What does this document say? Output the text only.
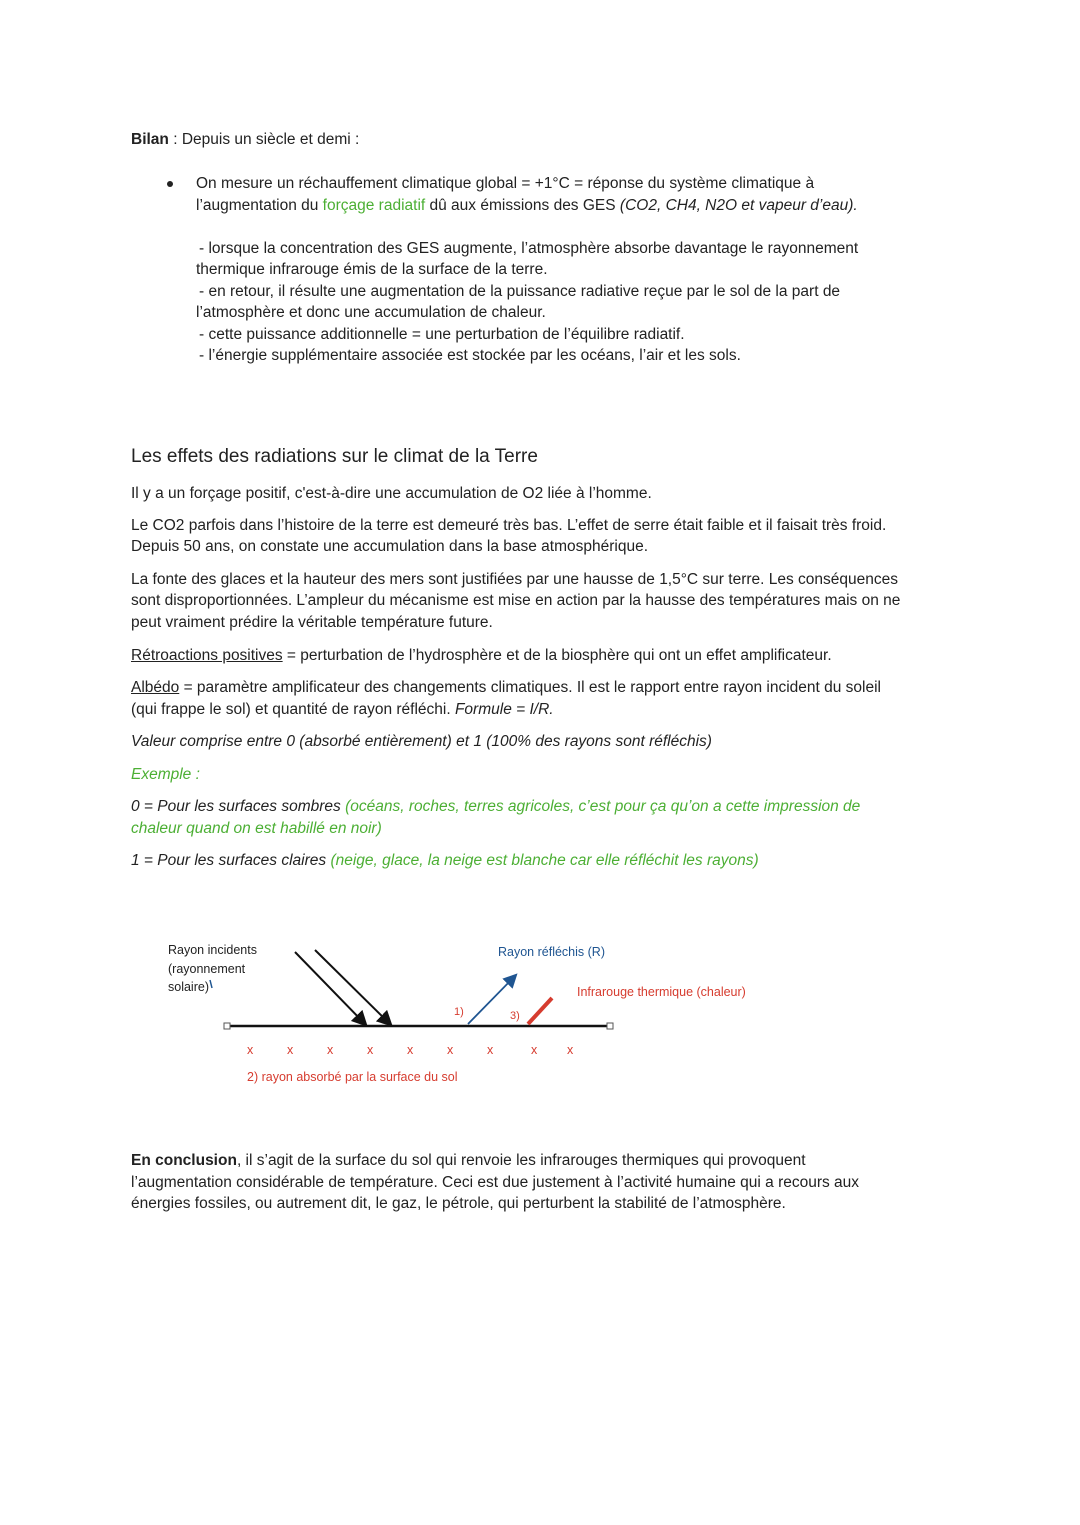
Bilan : Depuis un siècle et demi :
On mesure un réchauffement climatique global = +1°C = réponse du système climatique à
l’augmentation du forçage radiatif dû aux émissions des GES (CO2, CH4, N2O et vapeur d’eau).
- lorsque la concentration des GES augmente, l’atmosphère absorbe davantage le rayonnement
thermique infrarouge émis de la surface de la terre.
- en retour, il résulte une augmentation de la puissance radiative reçue par le sol de la part de
l’atmosphère et donc une accumulation de chaleur.
- cette puissance additionnelle = une perturbation de l’équilibre radiatif.
- l’énergie supplémentaire associée est stockée par les océans, l’air et les sols.
Les effets des radiations sur le climat de la Terre
Il y a un forçage positif, c'est-à-dire une accumulation de O2 liée à l’homme.
Le CO2 parfois dans l’histoire de la terre est demeuré très bas. L’effet de serre était faible et il faisait très froid.
Depuis 50 ans, on constate une accumulation dans la base atmosphérique.
La fonte des glaces et la hauteur des mers sont justifiées par une hausse de 1,5°C sur terre. Les conséquences
sont disproportionnées. L’ampleur du mécanisme est mise en action par la hausse des températures mais on ne
peut vraiment prédire la véritable température future.
Rétroactions positives = perturbation de l’hydrosphère et de la biosphère qui ont un effet amplificateur.
Albédo = paramètre amplificateur des changements climatiques. Il est le rapport entre rayon incident du soleil
(qui frappe le sol) et quantité de rayon réfléchi. Formule = I/R.
Valeur comprise entre 0 (absorbé entièrement) et 1 (100% des rayons sont réfléchis)
Exemple :
0 = Pour les surfaces sombres (océans, roches, terres agricoles, c’est pour ça qu’on a cette impression de
chaleur quand on est habillé en noir)
1 = Pour les surfaces claires (neige, glace, la neige est blanche car elle réfléchit les rayons)
En conclusion, il s’agit de la surface du sol qui renvoie les infrarouges thermiques qui provoquent
l’augmentation considérable de température. Ceci est due justement à l’activité humaine qui a recours aux
énergies fossiles, ou autrement dit, le gaz, le pétrole, qui perturbent la stabilité de l’atmosphère.
Rayon incidents
(rayonnement
solaire)
Rayon réfléchis (R)
Infrarouge thermique (chaleur)
1)	3)
x	x	x	x	x	x	x	x x
2) rayon absorbé par la surface du sol
